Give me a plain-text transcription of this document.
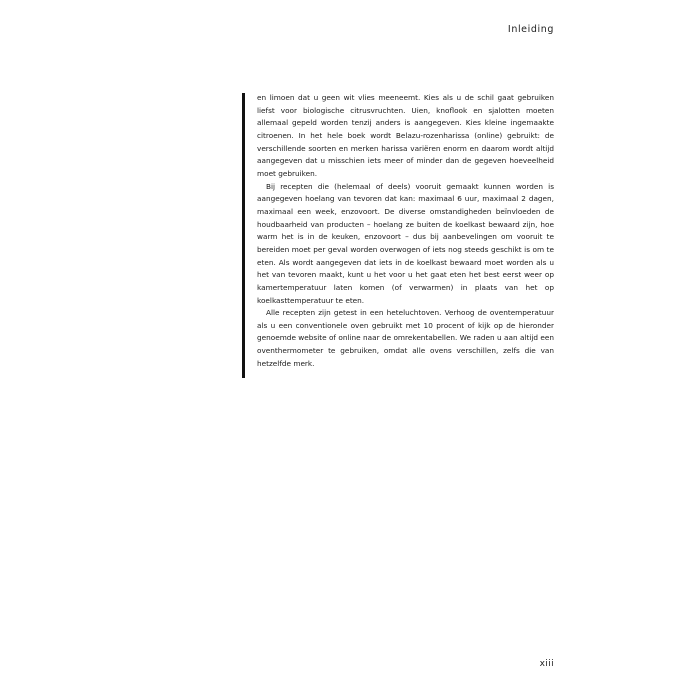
Inleiding

en limoen dat u geen wit vlies meeneemt. Kies als u de schil gaat gebruiken liefst voor biologische citrusvruchten. Uien, knoflook en sjalotten moeten allemaal gepeld worden tenzij anders is aangegeven. Kies kleine ingemaakte citroenen. In het hele boek wordt Belazu-rozenharissa (online) gebruikt: de verschillende soorten en merken harissa variëren enorm en daarom wordt altijd aangegeven dat u misschien iets meer of minder dan de gegeven hoeveelheid moet gebruiken.

Bij recepten die (helemaal of deels) vooruit gemaakt kunnen worden is aangegeven hoelang van tevoren dat kan: maximaal 6 uur, maximaal 2 dagen, maximaal een week, enzovoort. De diverse omstandigheden beïnvloeden de houdbaarheid van producten – hoelang ze buiten de koelkast bewaard zijn, hoe warm het is in de keuken, enzovoort – dus bij aanbevelingen om vooruit te bereiden moet per geval worden overwogen of iets nog steeds geschikt is om te eten. Als wordt aangegeven dat iets in de koelkast bewaard moet worden als u het van tevoren maakt, kunt u het voor u het gaat eten het best eerst weer op kamertemperatuur laten komen (of verwarmen) in plaats van het op koelkasttemperatuur te eten.

Alle recepten zijn getest in een heteluchtoven. Verhoog de oventemperatuur als u een conventionele oven gebruikt met 10 procent of kijk op de hieronder genoemde website of online naar de omrekentabellen. We raden u aan altijd een oventhermometer te gebruiken, omdat alle ovens verschillen, zelfs die van hetzelfde merk.

xiii
